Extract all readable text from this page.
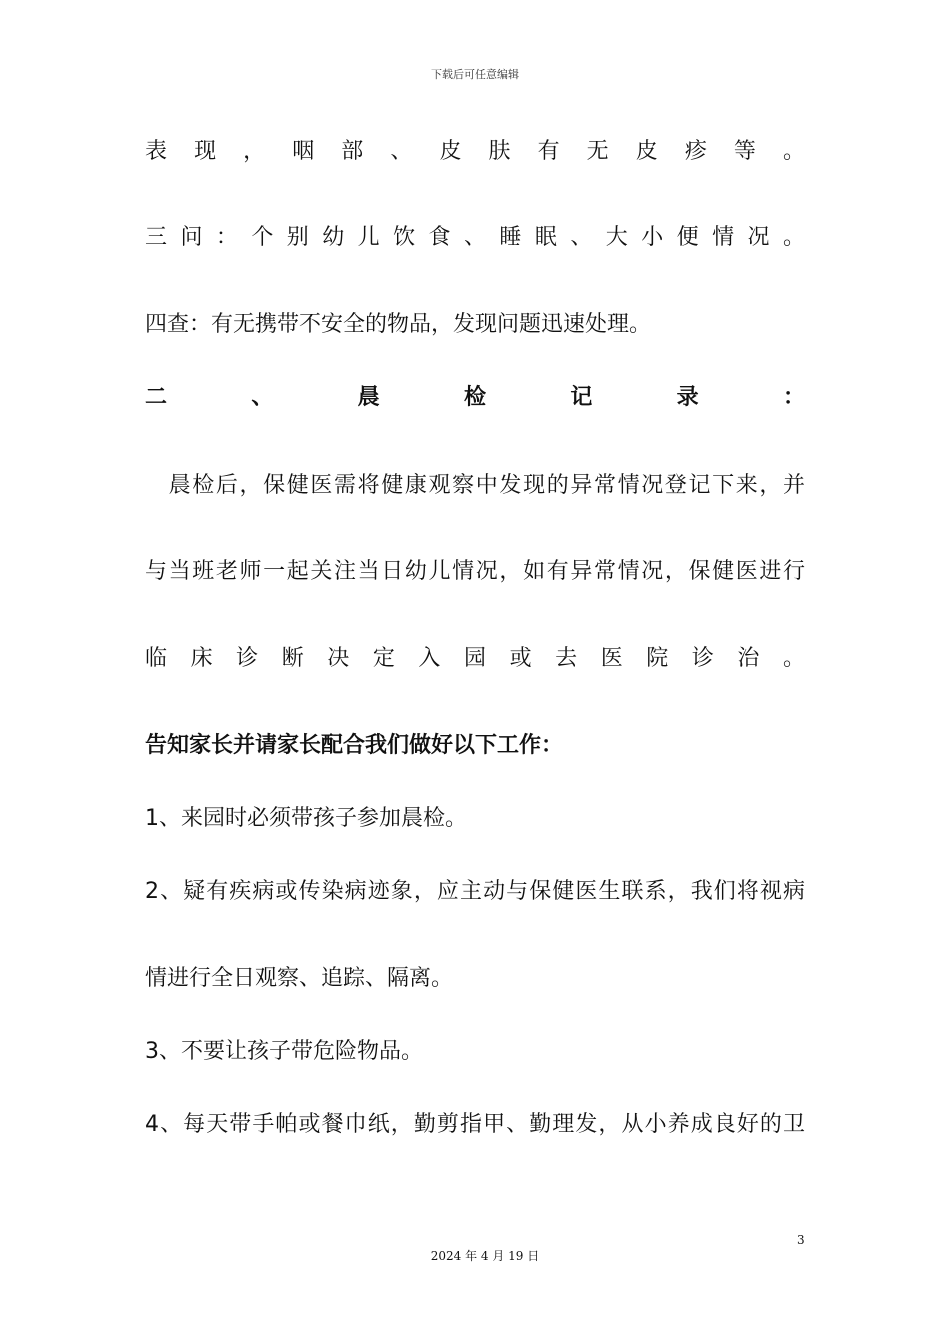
下载后可任意编辑
表 现 ， 咽 部 、 皮 肤 有 无 皮 疹 等 。
三 问 ： 个 别 幼 儿 饮 食 、 睡 眠 、 大 小 便 情 况 。
四查：有无携带不安全的物品，发现问题迅速处理。
二 、 晨 检 记 录 ：
　晨检后，保健医需将健康观察中发现的异常情况登记下来，并
与当班老师一起关注当日幼儿情况，如有异常情况，保健医进行
临 床 诊 断 决 定 入 园 或 去 医 院 诊 治 。
告知家长并请家长配合我们做好以下工作：
1、来园时必须带孩子参加晨检。
2、疑有疾病或传染病迹象，应主动与保健医生联系，我们将视病
情进行全日观察、追踪、隔离。
3、不要让孩子带危险物品。
4、每天带手帕或餐巾纸，勤剪指甲、勤理发，从小养成良好的卫
3
2024 年 4 月 19 日
